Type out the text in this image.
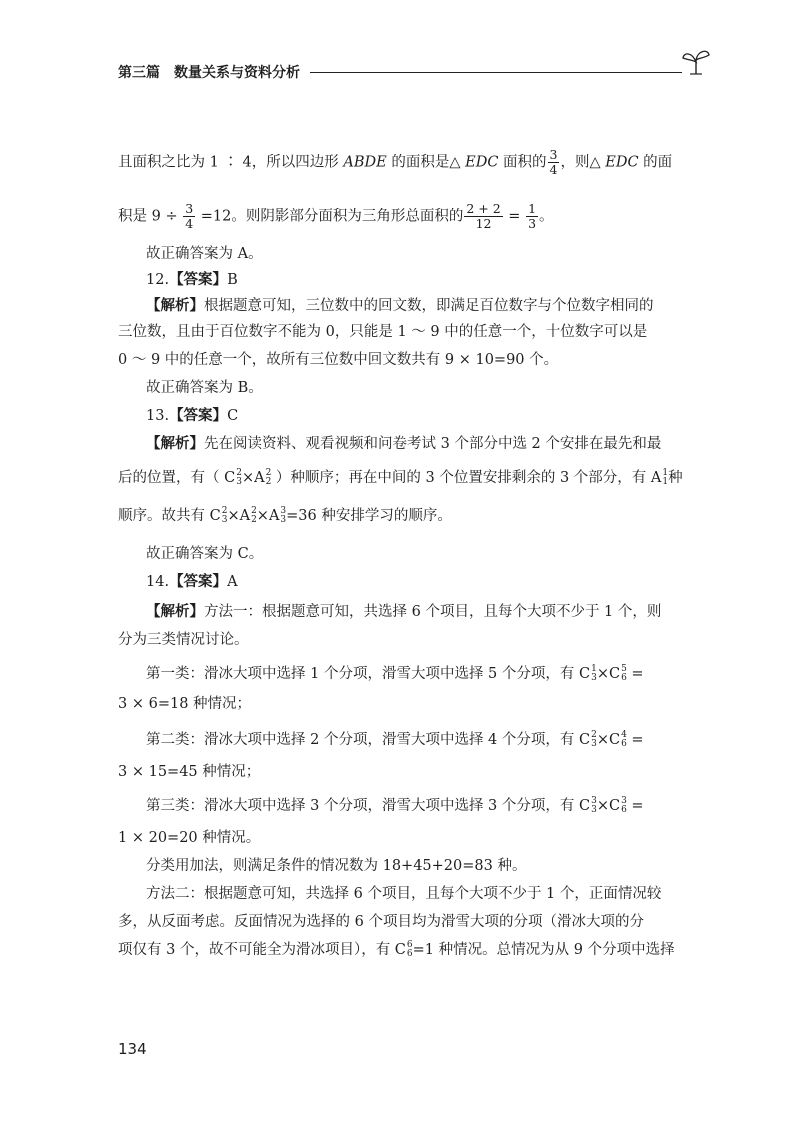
第三篇　数量关系与资料分析
且面积之比为 1 ∶ 4，所以四边形 ABDE 的面积是△ EDC 面积的 $\frac{3}{4}$ ，则△ EDC 的面
积是 $9 \div \frac{3}{4} =12$。则阴影部分面积为三角形总面积的 $\frac{2 + 2}{12} = \frac{1}{3}$ 。
故正确答案为 A。
12.【答案】B
【解析】根据题意可知，三位数中的回文数，即满足百位数字与个位数字相同的
三位数，且由于百位数字不能为 0，只能是 1 ～ 9 中的任意一个，十位数字可以是
0 ～ 9 中的任意一个，故所有三位数中回文数共有 9 × 10=90 个。
故正确答案为 B。
13.【答案】C
【解析】先在阅读资料、观看视频和问卷考试 3 个部分中选 2 个安排在最先和最
后的位置，有（ C 2
3 ×A 2
2 ）种顺序；再在中间的 3 个位置安排剩余的 3 个部分，有 A 1
1 种
顺序。故共有 C 2
3 ×A 2
2 ×A 3
3 =36 种安排学习的顺序。
故正确答案为 C。
14.【答案】A
【解析】方法一：根据题意可知，共选择 6 个项目，且每个大项不少于 1 个，则
分为三类情况讨论。
第一类：滑冰大项中选择 1 个分项，滑雪大项中选择 5 个分项，有 C 1
3 ×C 5
6 =
3 × 6=18 种情况；
第二类：滑冰大项中选择 2 个分项，滑雪大项中选择 4 个分项，有 C 2
3 ×C 4
6 =
3 × 15=45 种情况；
第三类：滑冰大项中选择 3 个分项，滑雪大项中选择 3 个分项，有 C 3
3 ×C 3
6 =
1 × 20=20 种情况。
分类用加法，则满足条件的情况数为 18+45+20=83 种。
方法二：根据题意可知，共选择 6 个项目，且每个大项不少于 1 个，正面情况较
多，从反面考虑。反面情况为选择的 6 个项目均为滑雪大项的分项（滑冰大项的分
项仅有 3 个，故不可能全为滑冰项目），有 C 6
6 =1 种情况。总情况为从 9 个分项中选择
134
